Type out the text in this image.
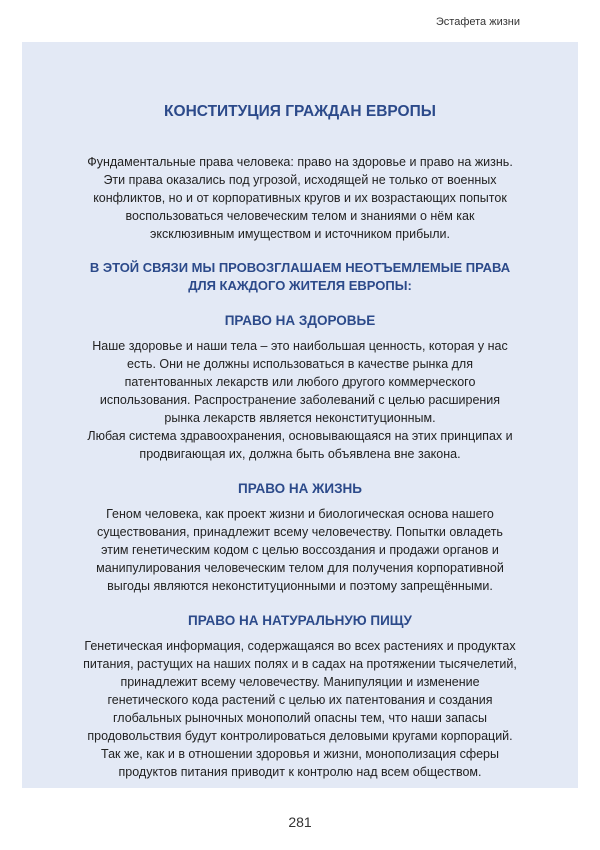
Эстафета жизни
КОНСТИТУЦИЯ ГРАЖДАН ЕВРОПЫ

Фундаментальные права человека: право на здоровье и право на жизнь.
Эти права оказались под угрозой, исходящей не только от военных
конфликтов, но и от корпоративных кругов и их возрастающих попыток
воспользоваться человеческим телом и знаниями о нём как
эксклюзивным имуществом и источником прибыли.

В ЭТОЙ СВЯЗИ МЫ ПРОВОЗГЛАШАЕМ НЕОТЪЕМЛЕМЫЕ ПРАВА
ДЛЯ КАЖДОГО ЖИТЕЛЯ ЕВРОПЫ:
ПРАВО НА ЗДОРОВЬЕ

Наше здоровье и наши тела – это наибольшая ценность, которая у нас
есть. Они не должны использоваться в качестве рынка для
патентованных лекарств или любого другого коммерческого
использования. Распространение заболеваний с целью расширения
рынка лекарств является неконституционным.
Любая система здравоохранения, основывающаяся на этих принципах и
продвигающая их, должна быть объявлена вне закона.

ПРАВО НА ЖИЗНЬ

Геном человека, как проект жизни и биологическая основа нашего
существования, принадлежит всему человечеству. Попытки овладеть
этим генетическим кодом с целью воссоздания и продажи органов и
манипулирования человеческим телом для получения корпоративной
выгоды являются неконституционными и поэтому запрещёнными.

ПРАВО НА НАТУРАЛЬНУЮ ПИЩУ

Генетическая информация, содержащаяся во всех растениях и продуктах
питания, растущих на наших полях и в садах на протяжении тысячелетий,
принадлежит всему человечеству. Манипуляции и изменение
генетического кода растений с целью их патентования и создания
глобальных рыночных монополий опасны тем, что наши запасы
продовольствия будут контролироваться деловыми кругами корпораций.
Так же, как и в отношении здоровья и жизни, монополизация сферы
продуктов питания приводит к контролю над всем обществом.

281
